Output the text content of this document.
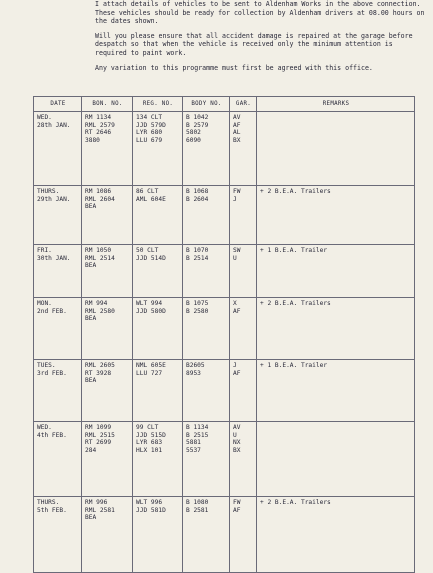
I attach details of vehicles to be sent to Aldenham Works in the above connection. These vehicles should be ready for collection by Aldenham drivers at 08.00 hours on the dates shown.

Will you please ensure that all accident damage is repaired at the garage before despatch so that when the vehicle is received only the minimum attention is required to paint work.

Any variation to this programme must first be agreed with this office.

DATE	BON. NO.	REG. NO.	BODY NO.	GAR.	REMARKS

WED.
28th JAN.	RM 1134
RML 2579
RT 2646
3880	134 CLT
JJD 579D
LYR 680
LLU 679	B 1042
B 2579
5802
6090	AV
AF
AL
BX	

THURS.
29th JAN.	RM 1086
RML 2604
BEA	86 CLT
AML 604E	B 1068
B 2604	FW
J	+ 2 B.E.A. Trailers

FRI.
30th JAN.	RM 1050
RML 2514
BEA	50 CLT
JJD 514D	B 1070
B 2514	SW
U	+ 1 B.E.A. Trailer

MON.
2nd FEB.	RM 994
RML 2580
BEA	WLT 994
JJD 580D	B 1075
B 2580	X
AF	+ 2 B.E.A. Trailers

TUES.
3rd FEB.	RML 2605
RT 3928
BEA	NML 605E
LLU 727	B2605
8953	J
AF	+ 1 B.E.A. Trailer

WED.
4th FEB.	RM 1099
RML 2515
RT 2699
284	99 CLT
JJD 515D
LYR 683
HLX 101	B 1134
B 2515
5881
5537	AV
U
NX
BX	

THURS.
5th FEB.	RM 996
RML 2581
BEA	WLT 996
JJD 581D	B 1080
B 2581	FW
AF	+ 2 B.E.A. Trailers
